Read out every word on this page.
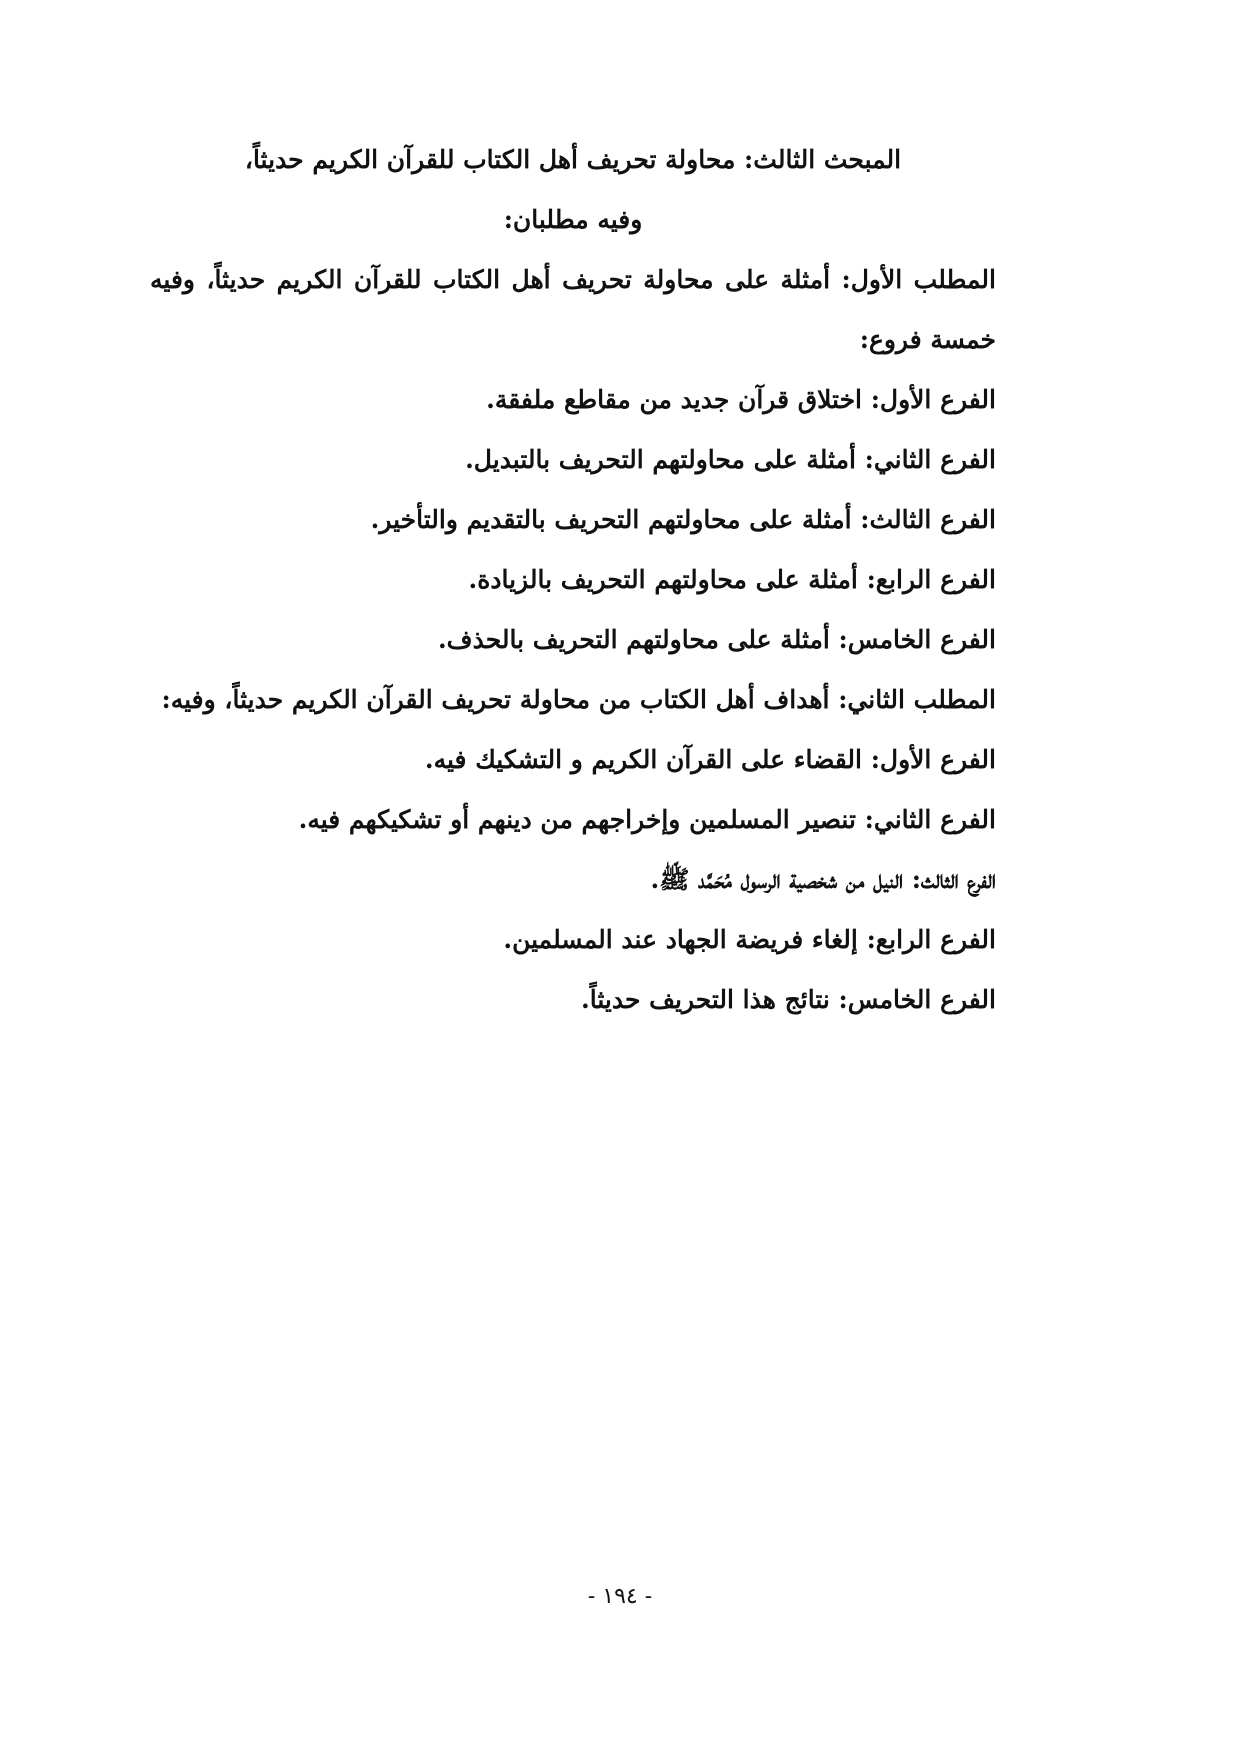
المبحث الثالث: محاولة تحريف أهل الكتاب للقرآن الكريم حديثاً،
وفيه مطلبان:
المطلب الأول: أمثلة على محاولة تحريف أهل الكتاب للقرآن الكريم حديثاً، وفيه
خمسة فروع:
الفرع الأول: اختلاق قرآن جديد من مقاطع ملفقة.
الفرع الثاني: أمثلة على محاولتهم التحريف بالتبديل.
الفرع الثالث: أمثلة على محاولتهم التحريف بالتقديم والتأخير.
الفرع الرابع: أمثلة على محاولتهم التحريف بالزيادة.
الفرع الخامس: أمثلة على محاولتهم التحريف بالحذف.
المطلب الثاني: أهداف أهل الكتاب من محاولة تحريف القرآن الكريم حديثاً، وفيه:
الفرع الأول: القضاء على القرآن الكريم و التشكيك فيه.
الفرع الثاني: تنصير المسلمين وإخراجهم من دينهم أو تشكيكهم فيه.
الفرع الثالث: النيل من شخصية الرسول مُحَمَّد ﷺ.
الفرع الرابع: إلغاء فريضة الجهاد عند المسلمين.
الفرع الخامس: نتائج هذا التحريف حديثاً.
- ١٩٤ -
